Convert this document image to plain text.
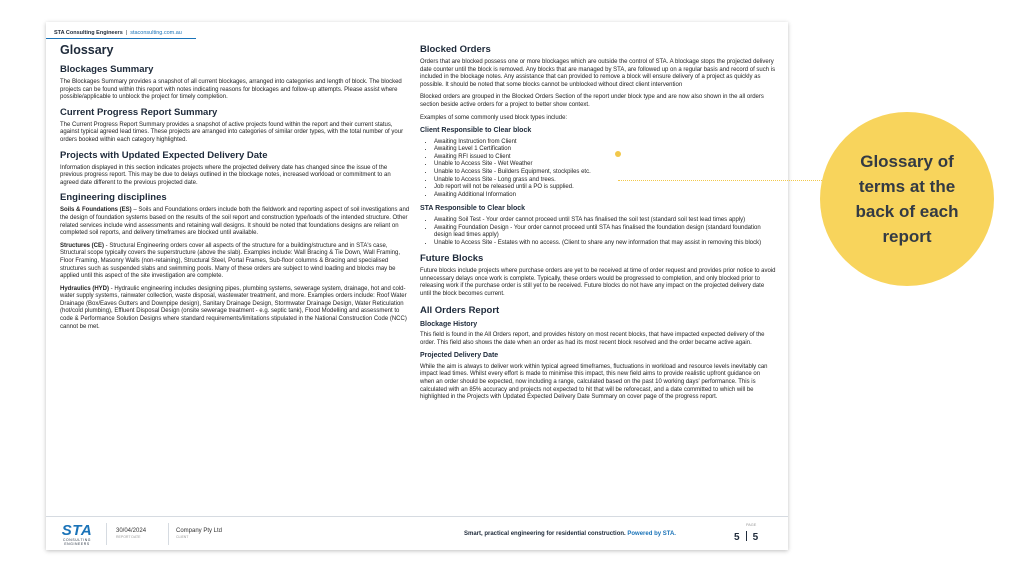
STA Consulting Engineers | staconsulting.com.au
Glossary
Blockages Summary

The Blockages Summary provides a snapshot of all current blockages, arranged into categories and length of block. The blocked projects can be found within this report with notes indicating reasons for blockages and follow-up attempts. Please assist where possible/applicable to unblock the project for timely completion.

Current Progress Report Summary

The Current Progress Report Summary provides a snapshot of active projects found within the report and their current status, against typical agreed lead times. These projects are arranged into categories of similar order types, with the total number of your orders booked within each category highlighted.

Projects with Updated Expected Delivery Date

Information displayed in this section indicates projects where the projected delivery date has changed since the issue of the previous progress report. This may be due to delays outlined in the blockage notes, increased workload or commitment to an agreed date different to the previous projected date.

Engineering disciplines

Soils & Foundations (ES) – Soils and Foundations orders include both the fieldwork and reporting aspect of soil investigations and the design of foundation systems based on the results of the soil report and construction type/loads of the intended structure. Other related services include wind assessments and retaining wall designs. It should be noted that foundations designs are reliant on completed soil reports, and delivery timeframes are blocked until available.

Structures (CE) - Structural Engineering orders cover all aspects of the structure for a building/structure and in STA's case, Structural scope typically covers the superstructure (above the slab). Examples include: Wall Bracing & Tie Down, Wall Framing, Floor Framing, Masonry Walls (non-retaining), Structural Steel, Portal Frames, Sub-floor columns & Bracing and specialised structures such as suspended slabs and swimming pools. Many of these orders are subject to wind loading and blocks may be applied until this aspect of the site investigation are complete.

Hydraulics (HYD) - Hydraulic engineering includes designing pipes, plumbing systems, sewerage system, drainage, hot and cold-water supply systems, rainwater collection, waste disposal, wastewater treatment, and more. Examples orders include: Roof Water Drainage (Box/Eaves Gutters and Downpipe design), Sanitary Drainage Design, Stormwater Drainage Design, Water Reticulation (hot/cold plumbing), Effluent Disposal Design (onsite sewerage treatment - e.g. septic tank), Flood Modelling and assessment to code & Performance Solution Designs where standard requirements/limitations stipulated in the National Construction Code (NCC) cannot be met.

Blocked Orders

Orders that are blocked possess one or more blockages which are outside the control of STA. A blockage stops the projected delivery date counter until the block is removed. Any blocks that are managed by STA, are followed up on a regular basis and record of such is included in the blockage notes. Any assistance that can provided to remove a block will ensure delivery of a project as quickly as possible. It should be noted that some blocks cannot be unblocked without direct client intervention

Blocked orders are grouped in the Blocked Orders Section of the report under block type and are now also shown in the all orders section beside active orders for a project to better show context.

Examples of some commonly used block types include:

Client Responsible to Clear block
• Awaiting Instruction from Client
• Awaiting Level 1 Certification
• Awaiting RFI issued to Client
• Unable to Access Site - Wet Weather
• Unable to Access Site - Builders Equipment, stockpiles etc.
• Unable to Access Site - Long grass and trees.
• Job report will not be released until a PO is supplied.
• Awaiting Additional Information
STA Responsible to Clear block
• Awaiting Soil Test - Your order cannot proceed until STA has finalised the soil test (standard soil test lead times apply)
• Awaiting Foundation Design - Your order cannot proceed until STA has finalised the foundation design (standard foundation design lead times apply)
• Unable to Access Site - Estates with no access. (Client to share any new information that may assist in removing this block)
Future Blocks

Future blocks include projects where purchase orders are yet to be received at time of order request and provides prior notice to avoid unnecessary delays once work is complete. Typically, these orders would be progressed to completion, and only blocked prior to releasing work if the purchase order is still yet to be received. Future blocks do not have any impact on the projected delivery date until the block becomes current.

All Orders Report
Blockage History

This field is found in the All Orders report, and provides history on most recent blocks, that have impacted expected delivery of the order. This field also shows the date when an order as had its most recent block resolved and the order became active again.

Projected Delivery Date

While the aim is always to deliver work within typical agreed timeframes, fluctuations in workload and resource levels inevitably can impact lead times. Whilst every effort is made to minimise this impact, this new field aims to provide realistic upfront guidance on when an order should be expected, now including a range, calculated based on the past 10 working days' performance. This is calculated with an 85% accuracy and projects not expected to hit that will be reforecast, and a date committed to which will be highlighted in the Projects with Updated Expected Delivery Date Summary on cover page of the progress report.

STA
CONSULTING ENGINEERS
30/04/2024
REPORT DATE
Company Pty Ltd
CLIENT	Smart, practical engineering for residential construction. Powered by STA.
PAGE
5 5
Glossary of terms at the back of each report
